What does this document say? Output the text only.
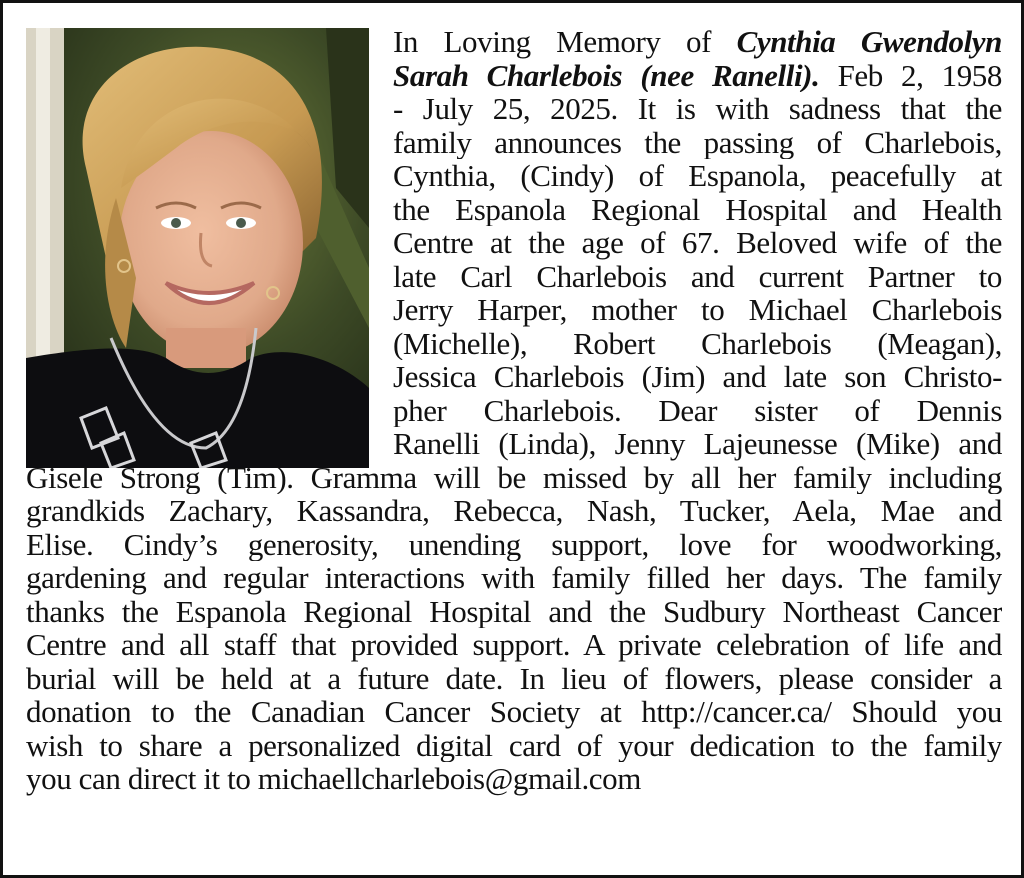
In Loving Memory of Cynthia Gwendolyn
Sarah Charlebois (nee Ranelli). Feb 2, 1958
- July 25, 2025. It is with sadness that the
family announces the passing of Charlebois,
Cynthia, (Cindy) of Espanola, peacefully at
the Espanola Regional Hospital and Health
Centre at the age of 67. Beloved wife of the
late Carl Charlebois and current Partner to
Jerry Harper, mother to Michael Charlebois
(Michelle), Robert Charlebois (Meagan),
Jessica Charlebois (Jim) and late son Christo-
pher Charlebois. Dear sister of Dennis
Ranelli (Linda), Jenny Lajeunesse (Mike) and
Gisele Strong (Tim). Gramma will be missed by all her family including
grandkids Zachary, Kassandra, Rebecca, Nash, Tucker, Aela, Mae and
Elise. Cindy’s generosity, unending support, love for woodworking,
gardening and regular interactions with family filled her days. The family
thanks the Espanola Regional Hospital and the Sudbury Northeast Cancer
Centre and all staff that provided support. A private celebration of life and
burial will be held at a future date. In lieu of flowers, please consider a
donation to the Canadian Cancer Society at http://cancer.ca/ Should you
wish to share a personalized digital card of your dedication to the family
you can direct it to michaellcharlebois@gmail.com
